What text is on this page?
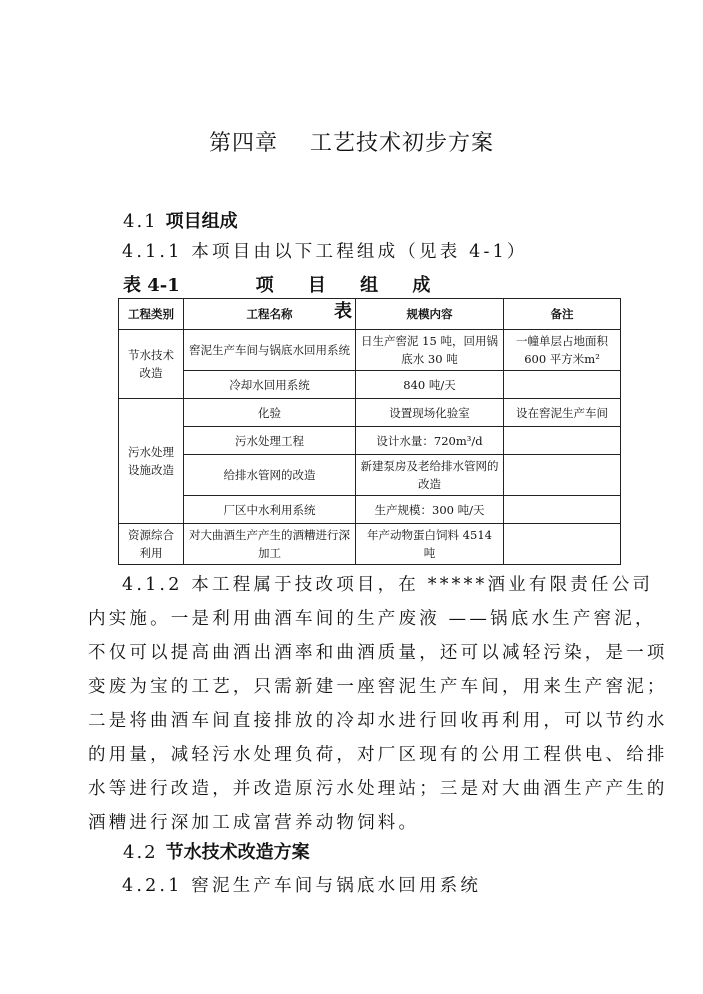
第四章    工艺技术初步方案
4.1 项目组成
4.1.1 本项目由以下工程组成（见表 4-1）
表 4-1	项 目 组 成 表
工程类别	工程名称	规模内容	备注
节水技术改造	窖泥生产车间与锅底水回用系统	日生产窖泥 15 吨，回用锅底水 30 吨	一幢单层占地面积 600 平方米m²
	冷却水回用系统	840 吨/天	
污水处理设施改造	化验	设置现场化验室	设在窖泥生产车间
	污水处理工程	设计水量：720m³/d	
	给排水管网的改造	新建泵房及老给排水管网的改造	
	厂区中水利用系统	生产规模：300 吨/天	
资源综合利用	对大曲酒生产产生的酒糟进行深加工	年产动物蛋白饲料 4514 吨	
4.1.2 本工程属于技改项目，在 *****酒业有限责任公司
内实施。一是利用曲酒车间的生产废液 ——锅底水生产窖泥，
不仅可以提高曲酒出酒率和曲酒质量，还可以减轻污染，是一项
变废为宝的工艺，只需新建一座窖泥生产车间，用来生产窖泥；
二是将曲酒车间直接排放的冷却水进行回收再利用，可以节约水
的用量，减轻污水处理负荷，对厂区现有的公用工程供电、给排
水等进行改造，并改造原污水处理站；三是对大曲酒生产产生的
酒糟进行深加工成富营养动物饲料。
4.2 节水技术改造方案
4.2.1 窖泥生产车间与锅底水回用系统
